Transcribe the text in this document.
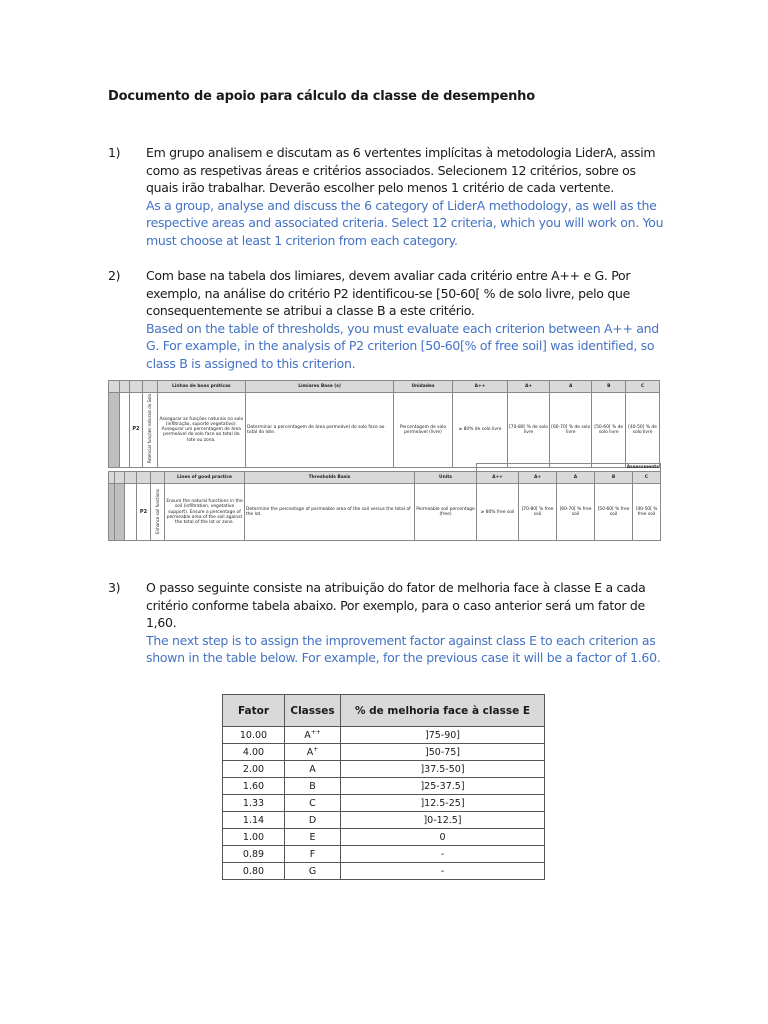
Documento de apoio para cálculo da classe de desempenho
1) Em grupo analisem e discutam as 6 vertentes implícitas à metodologia LiderA, assim como as respetivas áreas e critérios associados. Selecionem 12 critérios, sobre os quais irão trabalhar. Deverão escolher pelo menos 1 critério de cada vertente.
As a group, analyse and discuss the 6 category of LiderA methodology, as well as the respective areas and associated criteria. Select 12 criteria, which you will work on. You must choose at least 1 criterion from each category.
2) Com base na tabela dos limiares, devem avaliar cada critério entre A++ e G. Por exemplo, na análise do critério P2 identificou-se [50-60[ % de solo livre, pelo que consequentemente se atribui a classe B a este critério.
Based on the table of thresholds, you must evaluate each criterion between A++ and G. For example, in the analysis of P2 criterion [50-60[% of free soil] was identified, so class B is assigned to this criterion.
				Linhas de boas práticas	Limiares Base (s)	Unidades	A++	A+	A	B	C
		P2	Potenciar funções naturais do Solo	Assegurar as funções naturais no solo (infiltração, suporte vegetativo). Assegurar um percentagem de área permeável do solo face ao total do lote ou zona.	Determinar a percentagem de área permeável do solo face ao total do lote.	Percentagem de solo permeável (livre)	≥ 80% de solo livre	[70-80[ % de solo livre	[60-70[ % de solo livre	[50-60[ % de solo livre	[40-50[ % de solo livre
								Assessments				
					Lines of good practice	Thresholds Basis	Units	A++	A+	A	B	C
			P2	Enhance soil functions	Ensure the natural functions in the soil (infiltration, vegetative support). Ensure a percentage of permeable area of the soil against the total of the lot or zone.	Determine the percentage of permeable area of the soil versus the total of the lot.	Permeable soil percentage (free)	≥ 80% free soil	[70-80[ % free soil	[60-70[ % free soil	[50-60[ % free soil	[40-50[ % free soil
3) O passo seguinte consiste na atribuição do fator de melhoria face à classe E a cada critério conforme tabela abaixo. Por exemplo, para o caso anterior será um fator de 1,60.
The next step is to assign the improvement factor against class E to each criterion as shown in the table below. For example, for the previous case it will be a factor of 1.60.
Fator	Classes	% de melhoria face à classe E
10.00	A++	]75-90]
4.00	A+	]50-75]
2.00	A	]37.5-50]
1.60	B	]25-37.5]
1.33	C	]12.5-25]
1.14	D	]0-12.5]
1.00	E	0
0.89	F	-
0.80	G	-
